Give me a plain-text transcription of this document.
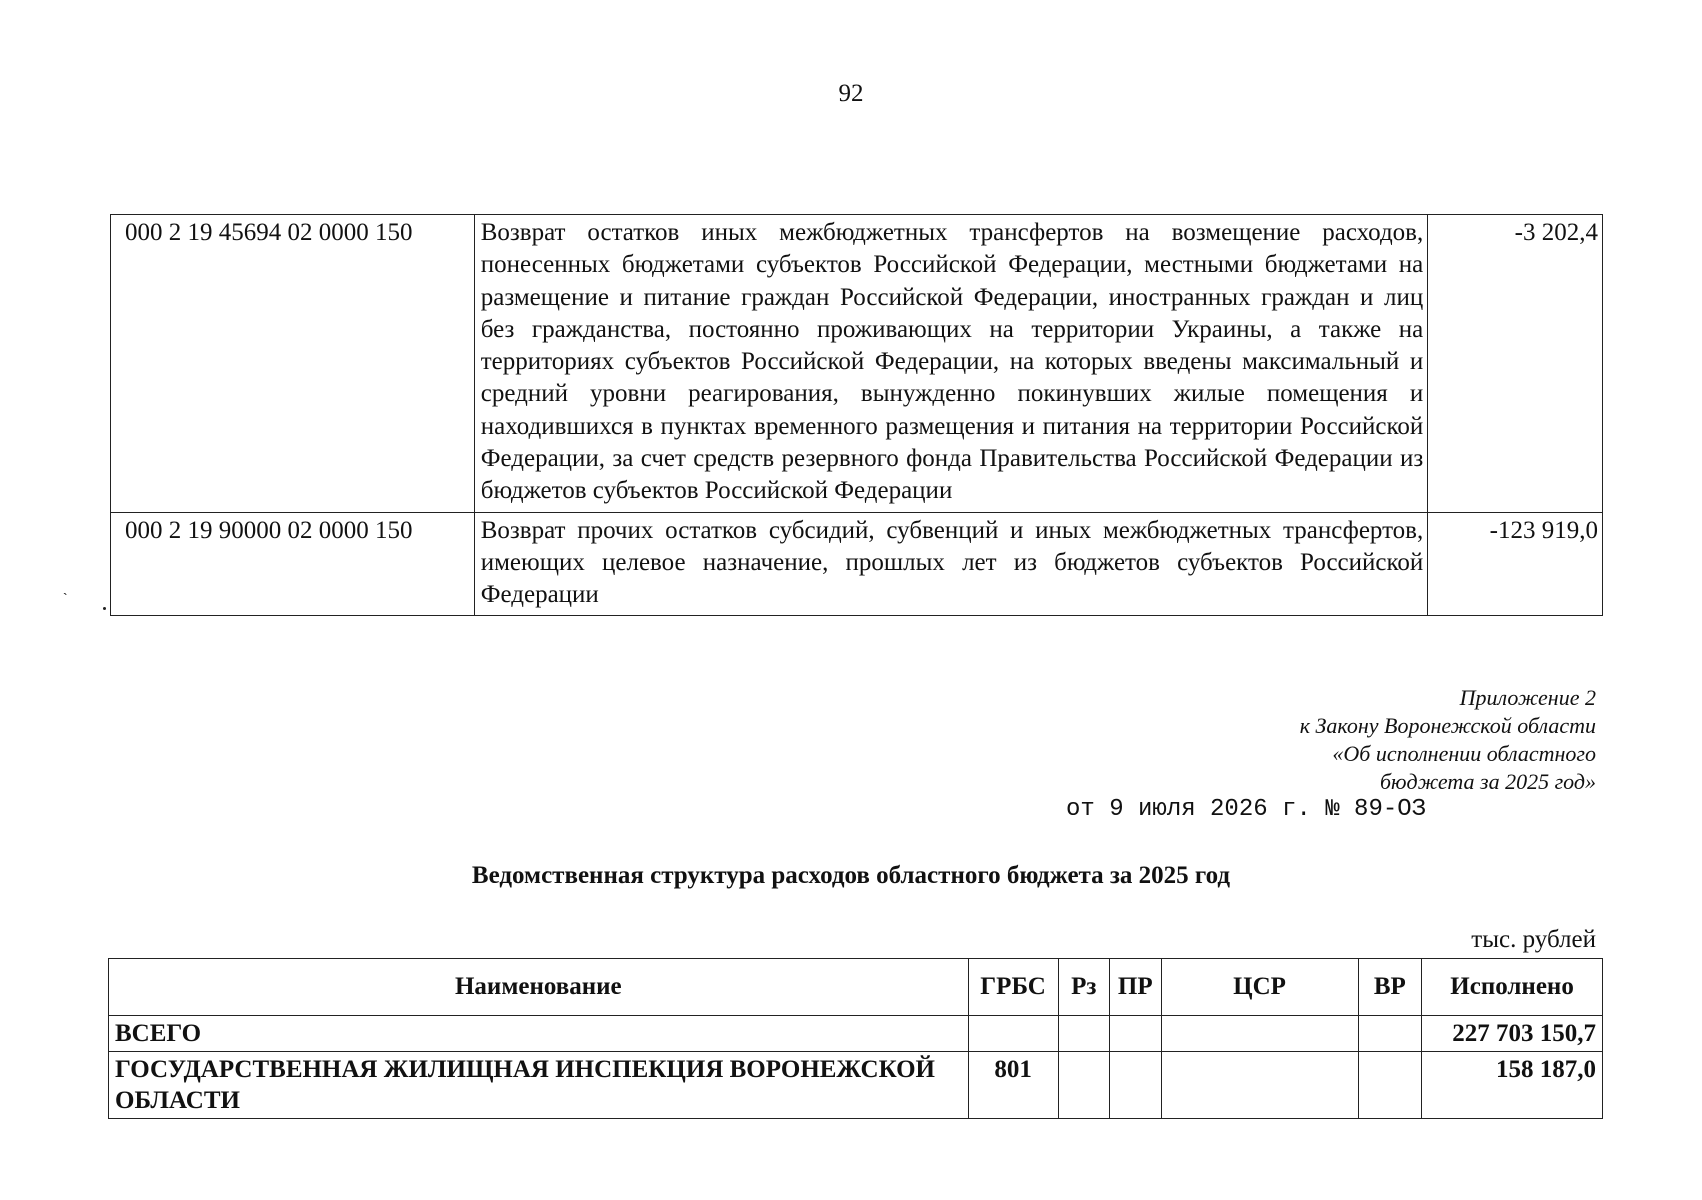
92
000 2 19 45694 02 0000 150	Возврат остатков иных межбюджетных трансфертов на возмещение расходов, понесенных бюджетами субъектов Российской Федерации, местными бюджетами на размещение и питание граждан Российской Федерации, иностранных граждан и лиц без гражданства, постоянно проживающих на территории Украины, а также на территориях субъектов Российской Федерации, на которых введены максимальный и средний уровни реагирования, вынужденно покинувших жилые помещения и находившихся в пунктах временного размещения и питания на территории Российской Федерации, за счет средств резервного фонда Правительства Российской Федерации из бюджетов субъектов Российской Федерации	-3 202,4
000 2 19 90000 02 0000 150	Возврат прочих остатков субсидий, субвенций и иных межбюджетных трансфертов, имеющих целевое назначение, прошлых лет из бюджетов субъектов Российской Федерации	-123 919,0
`
Приложение 2
к Закону Воронежской области
«Об исполнении областного
бюджета за 2025 год»
от 9 июля 2026 г. № 89-ОЗ
Ведомственная структура расходов областного бюджета за 2025 год
тыс. рублей
Наименование	ГРБС	Рз	ПР	ЦСР	ВР	Исполнено
ВСЕГО						227 703 150,7
ГОСУДАРСТВЕННАЯ ЖИЛИЩНАЯ ИНСПЕКЦИЯ ВОРОНЕЖСКОЙ ОБЛАСТИ	801					158 187,0
